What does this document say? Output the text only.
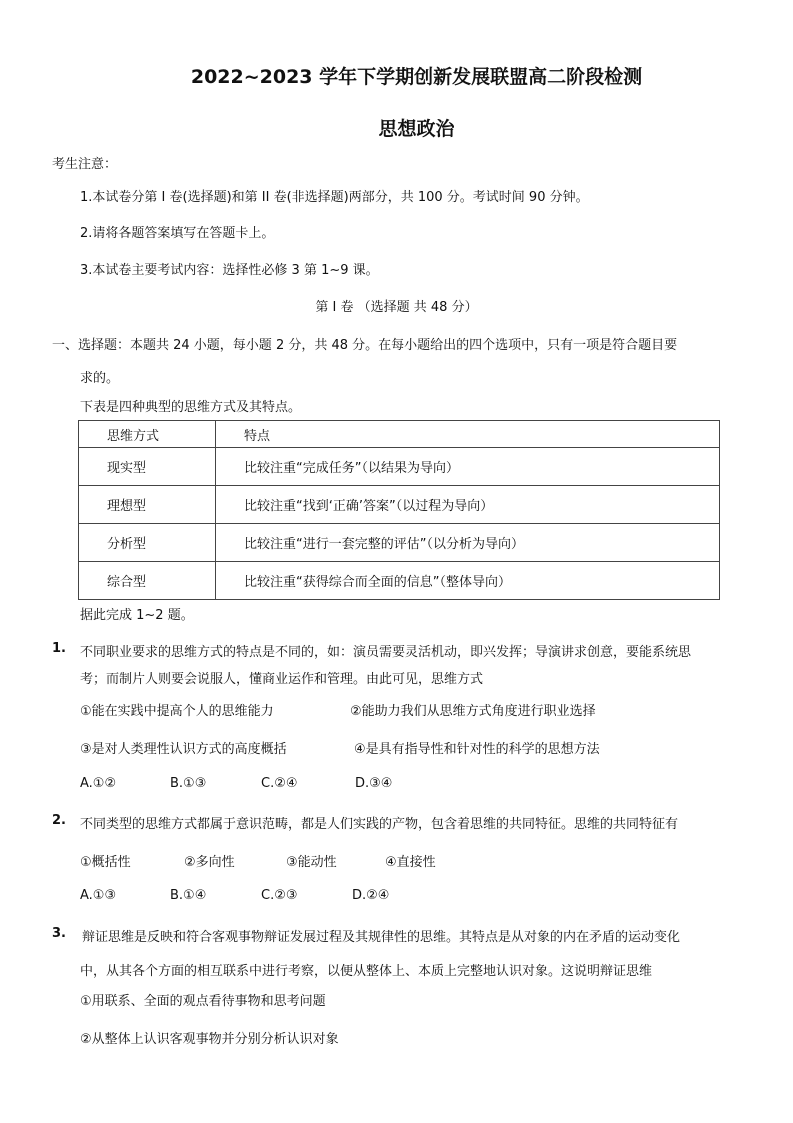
2022~2023 学年下学期创新发展联盟高二阶段检测
思想政治
考生注意：
1.本试卷分第 I 卷(选择题)和第 II 卷(非选择题)两部分，共 100 分。考试时间 90 分钟。
2.请将各题答案填写在答题卡上。
3.本试卷主要考试内容：选择性必修 3 第 1~9 课。
第 I 卷 （选择题 共 48 分）
一、选择题：本题共 24 小题，每小题 2 分，共 48 分。在每小题给出的四个选项中，只有一项是符合题目要
求的。
下表是四种典型的思维方式及其特点。
思维方式	特点
现实型	比较注重“完成任务”（以结果为导向）
理想型	比较注重“找到‘正确’答案”（以过程为导向）
分析型	比较注重“进行一套完整的评估”（以分析为导向）
综合型	比较注重“获得综合而全面的信息”（整体导向）
据此完成 1~2 题。
1. 不同职业要求的思维方式的特点是不同的，如：演员需要灵活机动，即兴发挥；导演讲求创意，要能系统思
考；而制片人则要会说服人，懂商业运作和管理。由此可见，思维方式
①能在实践中提高个人的思维能力	②能助力我们从思维方式角度进行职业选择
③是对人类理性认识方式的高度概括	④是具有指导性和针对性的科学的思想方法
A.①②	B.①③	C.②④	D.③④
2. 不同类型的思维方式都属于意识范畴，都是人们实践的产物，包含着思维的共同特征。思维的共同特征有
①概括性	②多向性	③能动性	④直接性
A.①③	B.①④	C.②③	D.②④
3. 辩证思维是反映和符合客观事物辩证发展过程及其规律性的思维。其特点是从对象的内在矛盾的运动变化
中，从其各个方面的相互联系中进行考察，以便从整体上、本质上完整地认识对象。这说明辩证思维
①用联系、全面的观点看待事物和思考问题
②从整体上认识客观事物并分别分析认识对象
